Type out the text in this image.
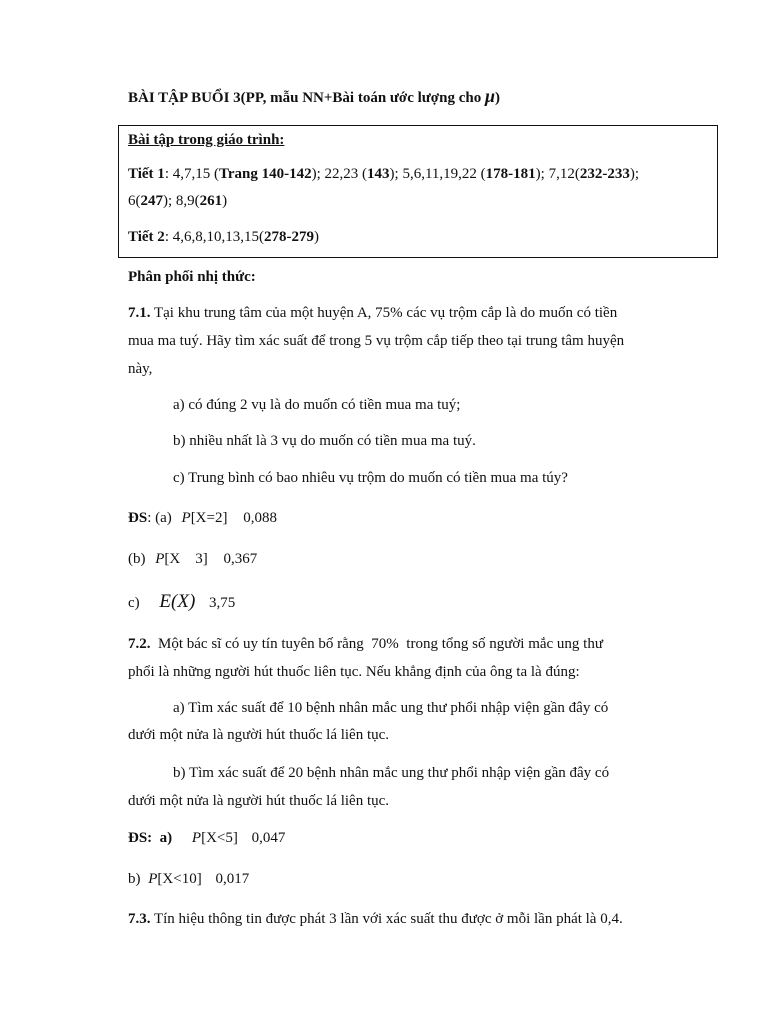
BÀI TẬP BUỔI 3(PP, mẫu NN+Bài toán ước lượng cho μ)
Bài tập trong giáo trình:
Tiết 1: 4,7,15 (Trang 140-142); 22,23 (143); 5,6,11,19,22 (178-181); 7,12(232-233);
6(247); 8,9(261)
Tiết 2: 4,6,8,10,13,15(278-279)
Phân phối nhị thức:
7.1. Tại khu trung tâm của một huyện A, 75% các vụ trộm cắp là do muốn có tiền
mua ma tuý. Hãy tìm xác suất để trong 5 vụ trộm cắp tiếp theo tại trung tâm huyện
này,
a) có đúng 2 vụ là do muốn có tiền mua ma tuý;
b) nhiều nhất là 3 vụ do muốn có tiền mua ma tuý.
c) Trung bình có bao nhiêu vụ trộm do muốn có tiền mua ma túy?
ĐS: (a) P[X=2] 0,088
(b) P[X    3] 0,367
c) E(X) 3,75
7.2.  Một bác sĩ có uy tín tuyên bố rằng  70%  trong tổng số người mắc ung thư
phổi là những người hút thuốc liên tục. Nếu khẳng định của ông ta là đúng:
a) Tìm xác suất để 10 bệnh nhân mắc ung thư phổi nhập viện gần đây có
dưới một nửa là người hút thuốc lá liên tục.
b) Tìm xác suất để 20 bệnh nhân mắc ung thư phổi nhập viện gần đây có
dưới một nửa là người hút thuốc lá liên tục.
ĐS:  a) P[X<5] 0,047
b) P[X<10] 0,017
7.3. Tín hiệu thông tin được phát 3 lần với xác suất thu được ở mỗi lần phát là 0,4.
